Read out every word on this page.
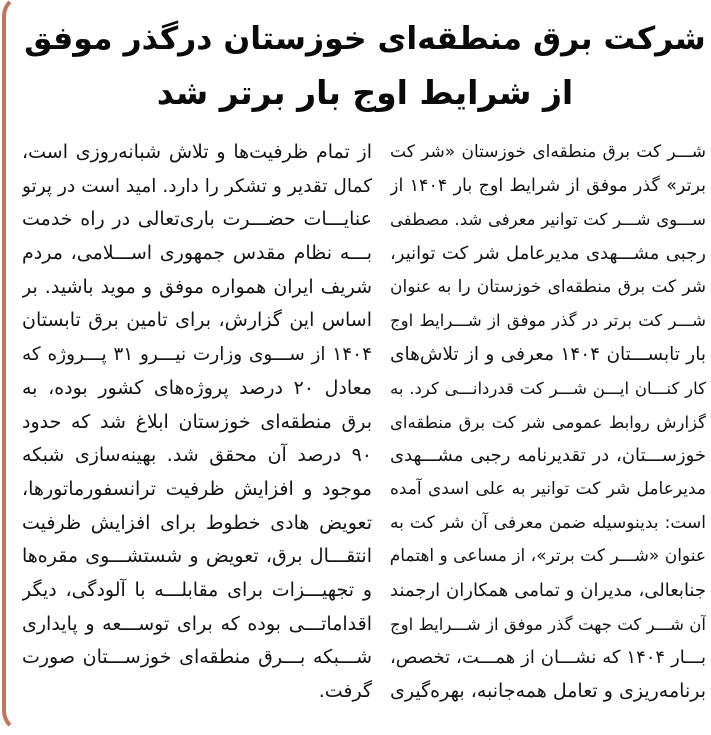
شرکت برق منطقه‌ای خوزستان درگذر موفق
از شرایط اوج بار برتر شد
شـــر کت برق منطقه‌ای خوزستان «شر کت
برتر» گذر موفق از شرایط اوج بار ۱۴۰۴ از
ســـوی شـــر کت توانیر معرفی شد. مصطفی
رجبی مشـــهدی مدیرعامل شر کت توانیر،
شر کت برق منطقه‌ای خوزستان را به عنوان
شـــر کت برتر در گذر موفق از شـــرایط اوج
بار تابســـتان ۱۴۰۴ معرفی و از تلاش‌های
کار کنـــان ایـــن شـــر کت قدردانـــی کرد. به
گزارش روابط عمومی شر کت برق منطقه‌ای
خوزســـتان، در تقدیرنامه رجبی مشـــهدی
مدیرعامل شر کت توانیر به علی اسدی آمده
است: بدینوسیله ضمن معرفی آن شر کت به
عنوان «شـــر کت برتر»، از مساعی و اهتمام
جنابعالی، مدیران و تمامی همکاران ارجمند
آن شـــر کت جهت گذر موفق از شـــرایط اوج
بـــار ۱۴۰۴ که نشـــان از همـــت، تخصص،
برنامه‌ریزی و تعامل همه‌جانبه، بهره‌گیری
از تمام ظرفیت‌ها و تلاش شبانه‌روزی است،
کمال تقدیر و تشکر را دارد. امید است در پرتو
عنایـــات حضـــرت باری‌تعالی در راه خدمت
بـــه نظام مقدس جمهوری اســـلامی، مردم
شریف ایران همواره موفق و موید باشید. بر
اساس این گزارش، برای تامین برق تابستان
۱۴۰۴ از ســـوی وزارت نیـــرو ۳۱ پـــروژه که
معادل ۲۰ درصد پروژه‌های کشور بوده، به
برق منطقه‌ای خوزستان ابلاغ شد که حدود
۹۰ درصد آن محقق شد. بهینه‌سازی شبکه
موجود و افزایش ظرفیت ترانسفورماتورها،
تعویض هادی خطوط برای افزایش ظرفیت
انتقـــال برق، تعویض و شستشـــوی مقره‌ها
و تجهیـــزات برای مقابلـــه با آلودگی، دیگر
اقداماتـــی بوده که برای توســـعه و پایداری
شـــبکه بـــرق منطقه‌ای خوزســـتان صورت
گرفت.
